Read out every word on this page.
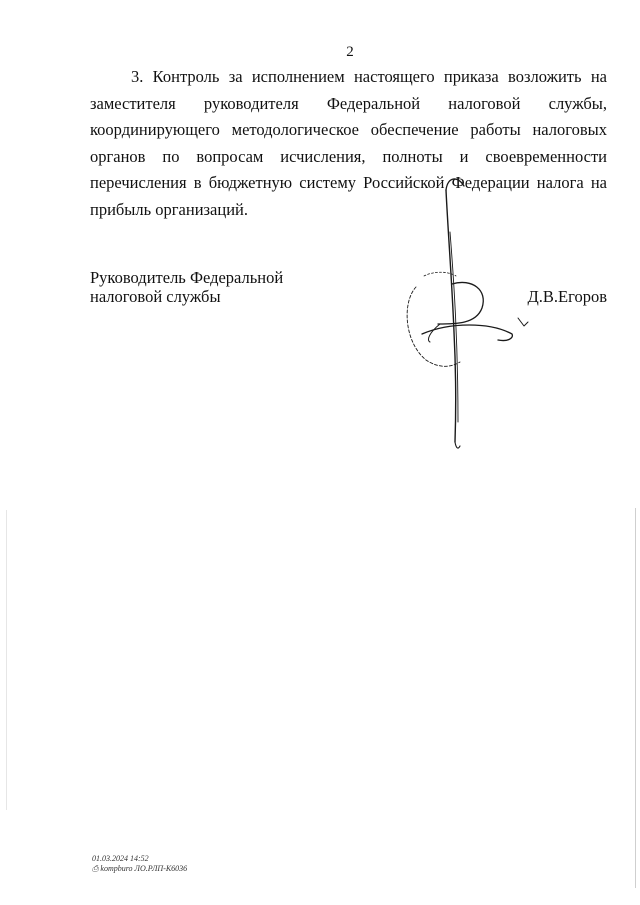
2
3. Контроль за исполнением настоящего приказа возложить на заместителя руководителя Федеральной налоговой службы, координирующего методологическое обеспечение работы налоговых органов по вопросам исчисления, полноты и своевременности перечисления в бюджетную систему Российской Федерации налога на прибыль организаций.
Руководитель Федеральной
налоговой службы	Д.В.Егоров
01.03.2024 14:52
⎙ kompburo ЛО.РЛП-К6036
